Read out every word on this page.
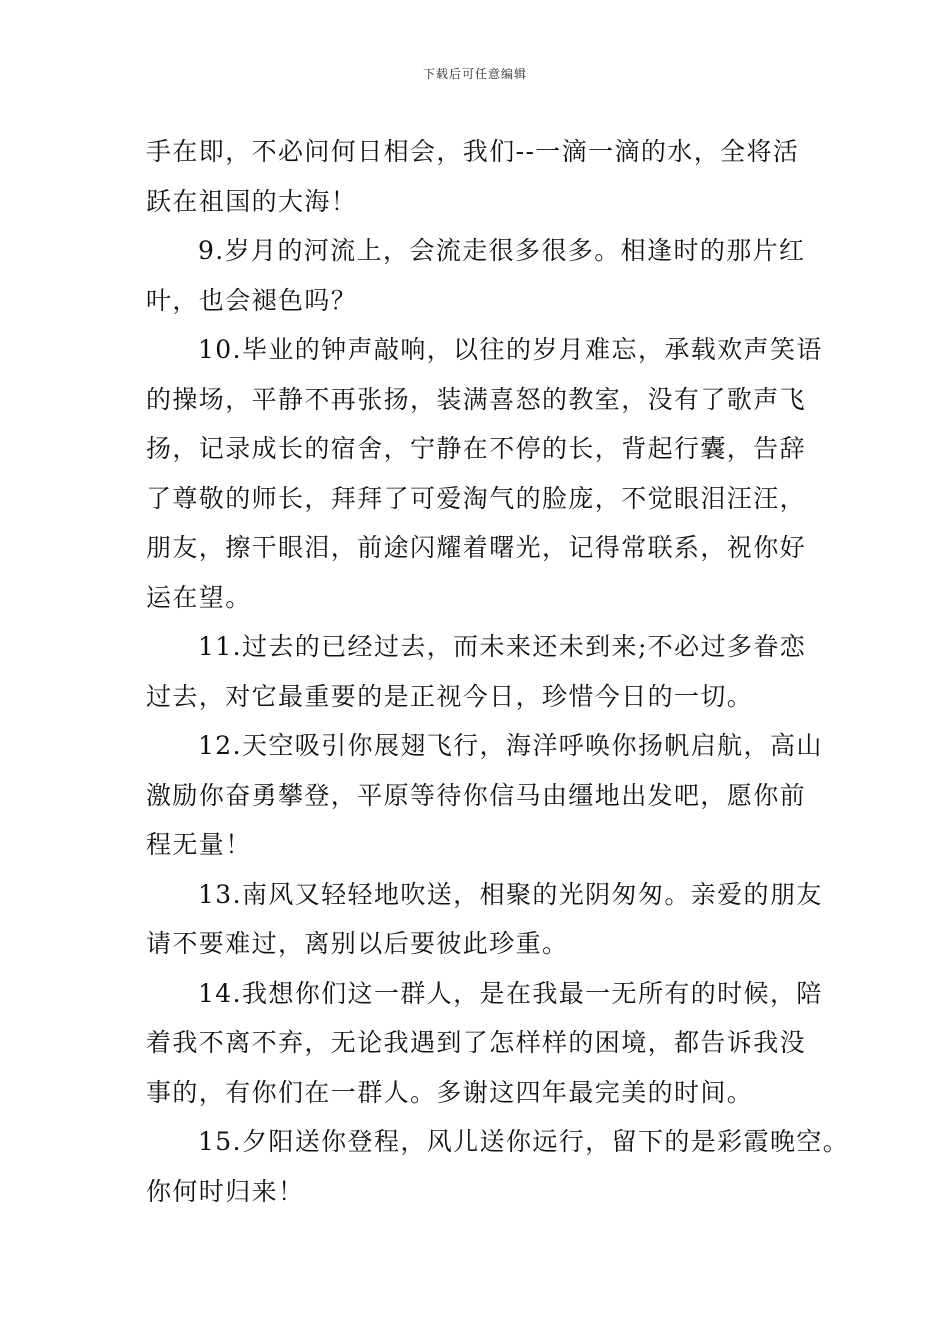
下载后可任意编辑
手在即，不必问何日相会，我们--一滴一滴的水，全将活
跃在祖国的大海！
9.岁月的河流上，会流走很多很多。相逢时的那片红
叶，也会褪色吗？
10.毕业的钟声敲响，以往的岁月难忘，承载欢声笑语
的操场，平静不再张扬，装满喜怒的教室，没有了歌声飞
扬，记录成长的宿舍，宁静在不停的长，背起行囊，告辞
了尊敬的师长，拜拜了可爱淘气的脸庞，不觉眼泪汪汪，
朋友，擦干眼泪，前途闪耀着曙光，记得常联系，祝你好
运在望。
11.过去的已经过去，而未来还未到来;不必过多眷恋
过去，对它最重要的是正视今日，珍惜今日的一切。
12.天空吸引你展翅飞行，海洋呼唤你扬帆启航，高山
激励你奋勇攀登，平原等待你信马由缰地出发吧，愿你前
程无量！
13.南风又轻轻地吹送，相聚的光阴匆匆。亲爱的朋友
请不要难过，离别以后要彼此珍重。
14.我想你们这一群人，是在我最一无所有的时候，陪
着我不离不弃，无论我遇到了怎样样的困境，都告诉我没
事的，有你们在一群人。多谢这四年最完美的时间。
15.夕阳送你登程，风儿送你远行，留下的是彩霞晚空。
你何时归来！
